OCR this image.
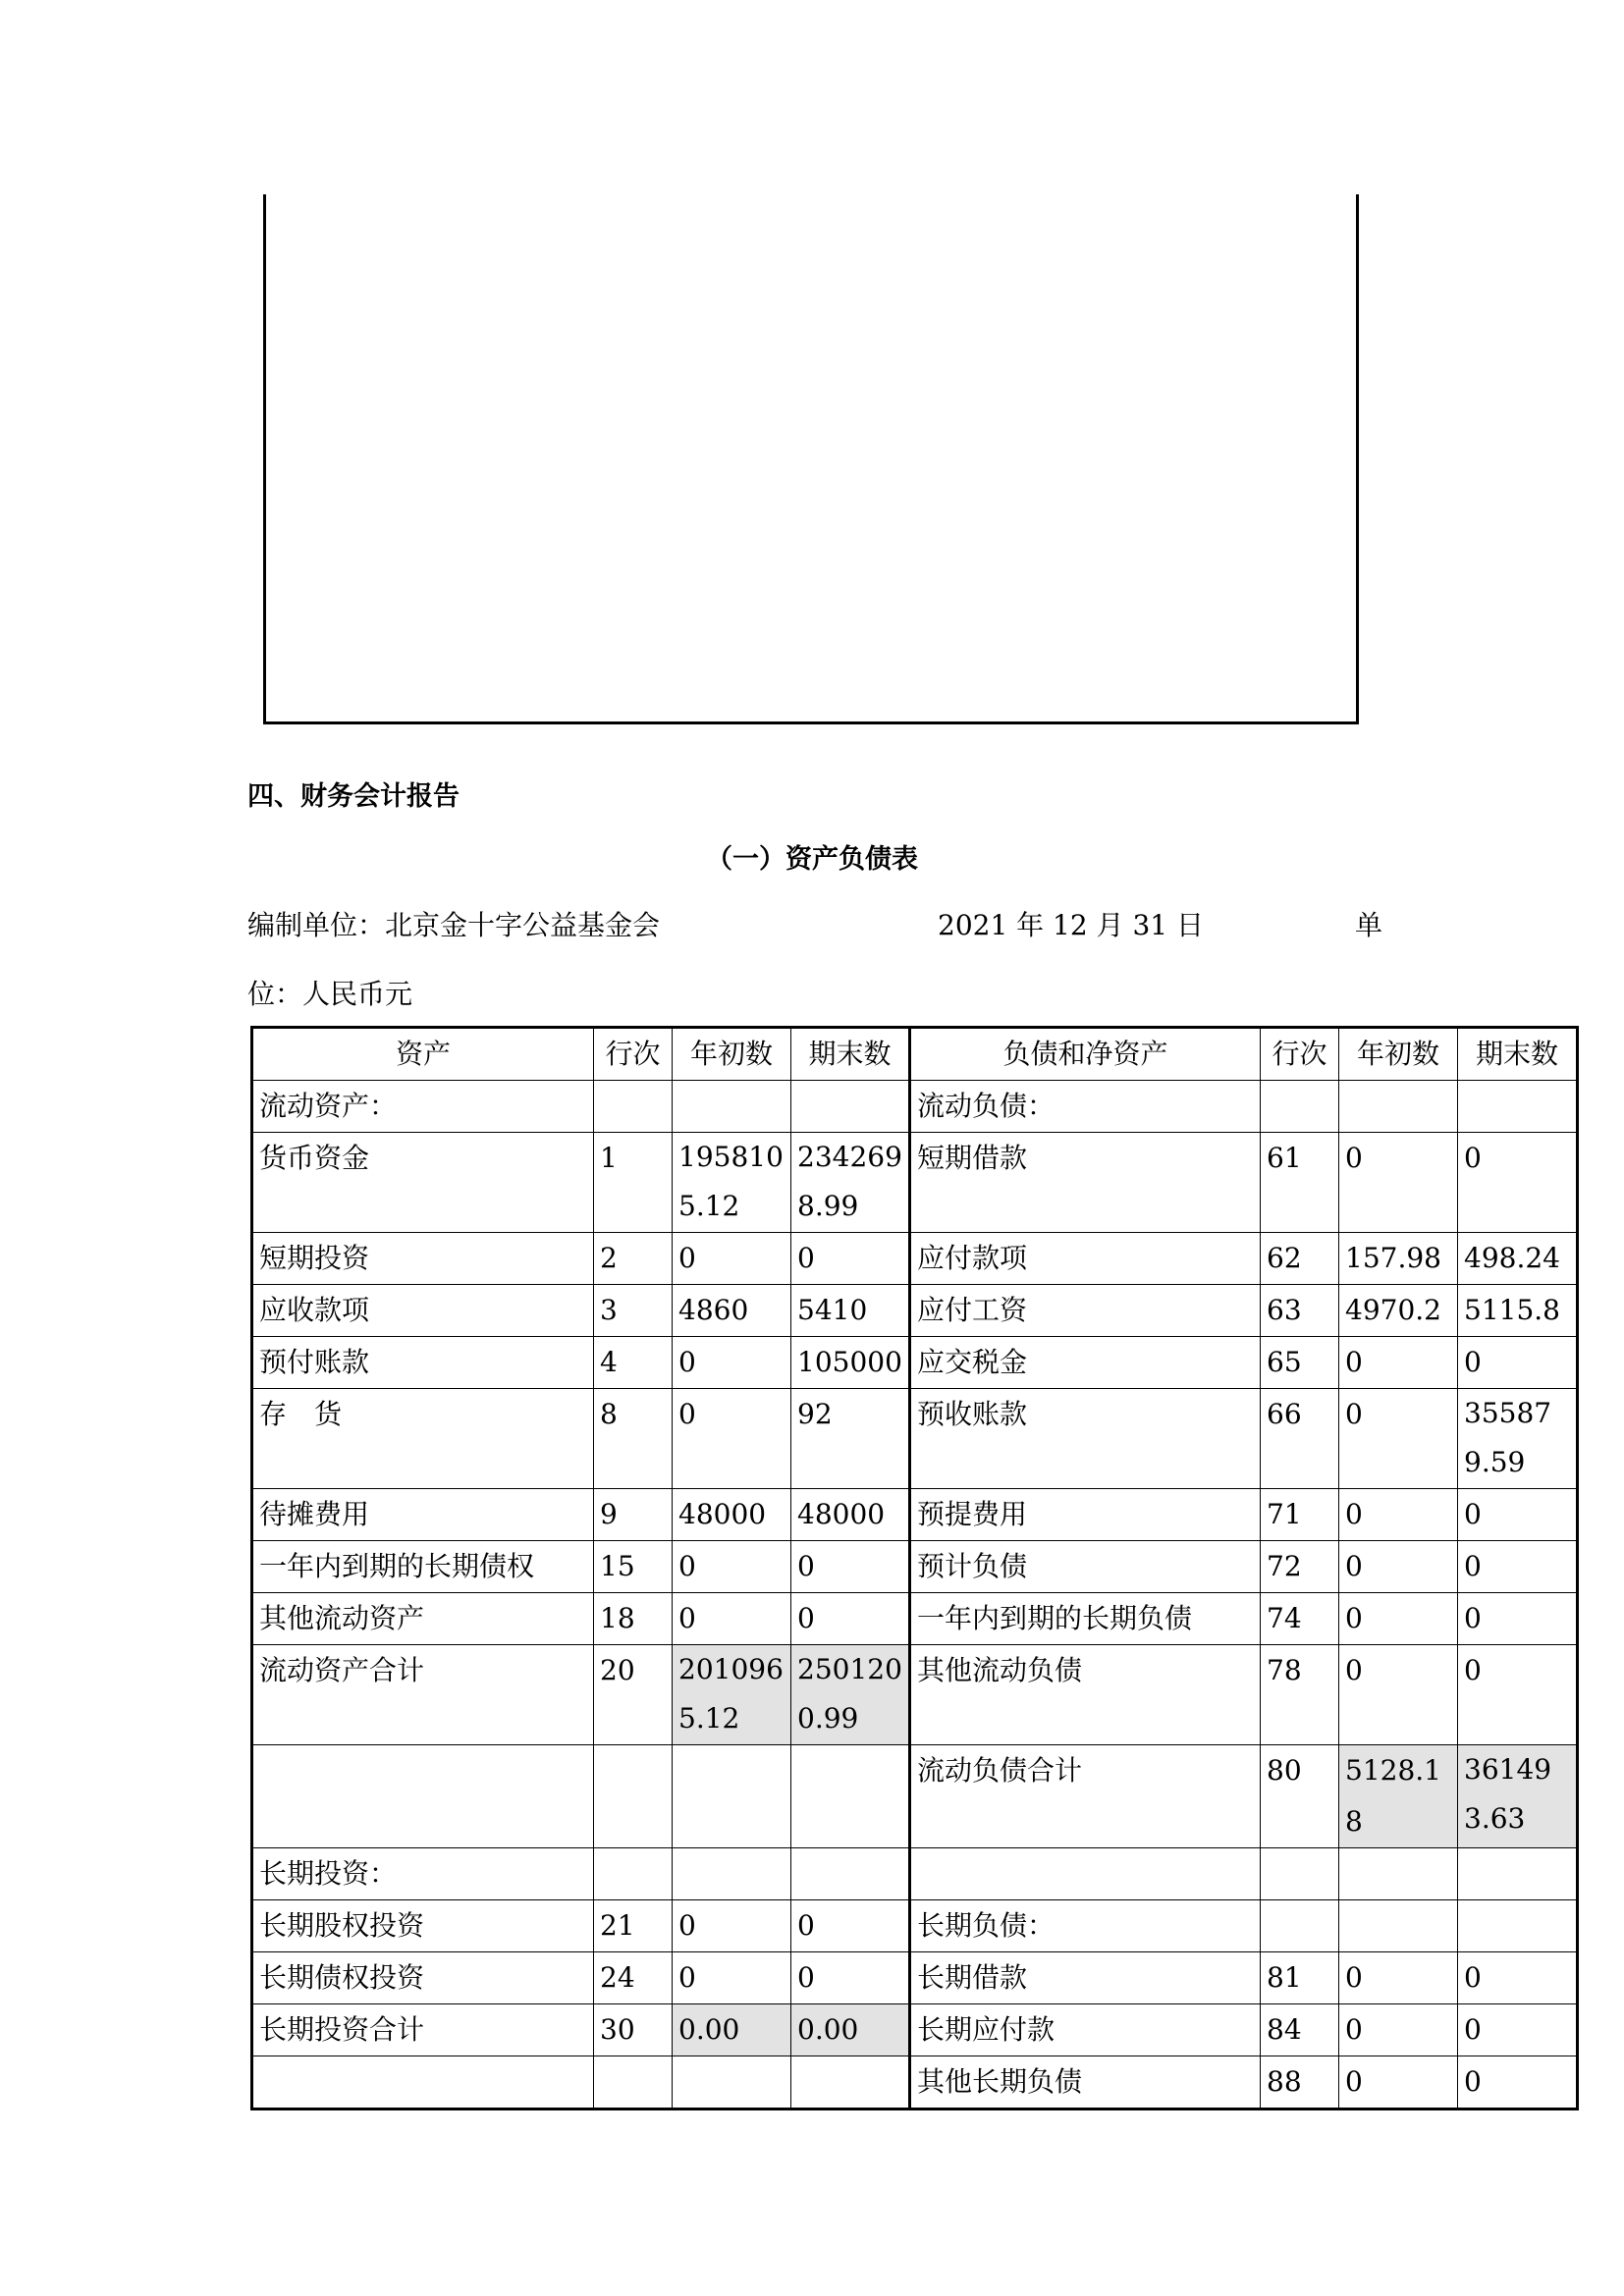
四、财务会计报告
（一）资产负债表
编制单位：北京金十字公益基金会	2021 年 12 月 31 日	单
位：人民币元
资产	行次	年初数	期末数	负债和净资产	行次	年初数	期末数
流动资产：				流动负债：			
货币资金	1	1958105.12	2342698.99	短期借款	61	0	0
短期投资	2	0	0	应付款项	62	157.98	498.24
应收款项	3	4860	5410	应付工资	63	4970.2	5115.8
预付账款	4	0	105000	应交税金	65	0	0
存　货	8	0	92	预收账款	66	0	355879.59
待摊费用	9	48000	48000	预提费用	71	0	0
一年内到期的长期债权	15	0	0	预计负债	72	0	0
其他流动资产	18	0	0	一年内到期的长期负债	74	0	0
流动资产合计	20	2010965.12	2501200.99	其他流动负债	78	0	0
				流动负债合计	80	5128.18	361493.63
长期投资：							
长期股权投资	21	0	0	长期负债：			
长期债权投资	24	0	0	长期借款	81	0	0
长期投资合计	30	0.00	0.00	长期应付款	84	0	0
				其他长期负债	88	0	0
